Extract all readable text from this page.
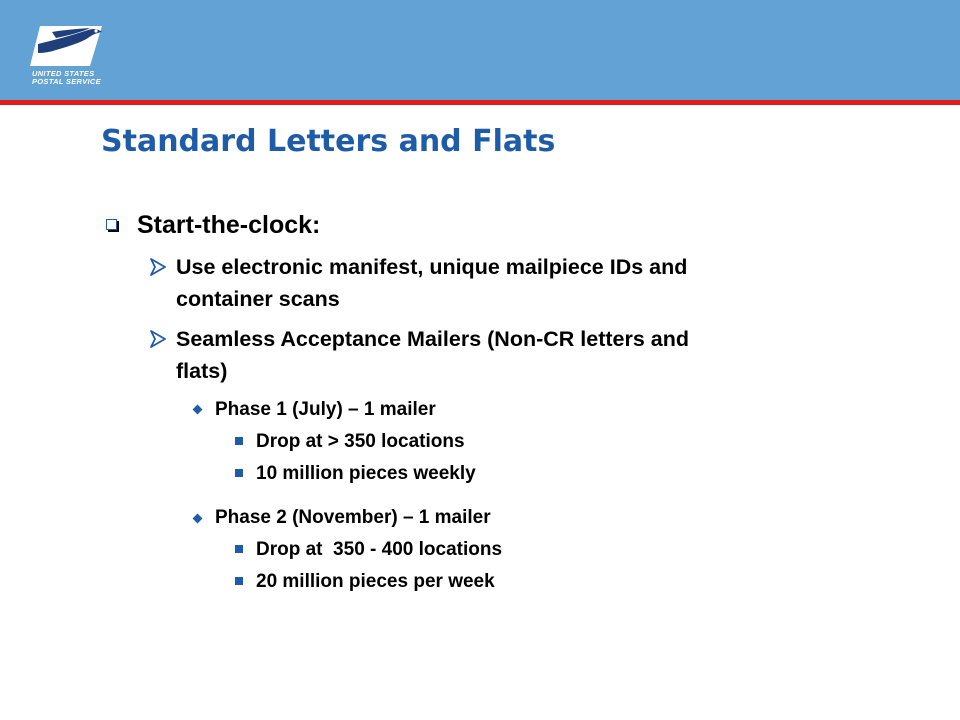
UNITED STATES
POSTAL SERVICE
Standard Letters and Flats
Start-the-clock:
Use electronic manifest, unique mailpiece IDs and
container scans
Seamless Acceptance Mailers (Non-CR letters and
flats)
Phase 1 (July) – 1 mailer
Drop at > 350 locations
10 million pieces weekly
Phase 2 (November) – 1 mailer
Drop at  350 - 400 locations
20 million pieces per week
